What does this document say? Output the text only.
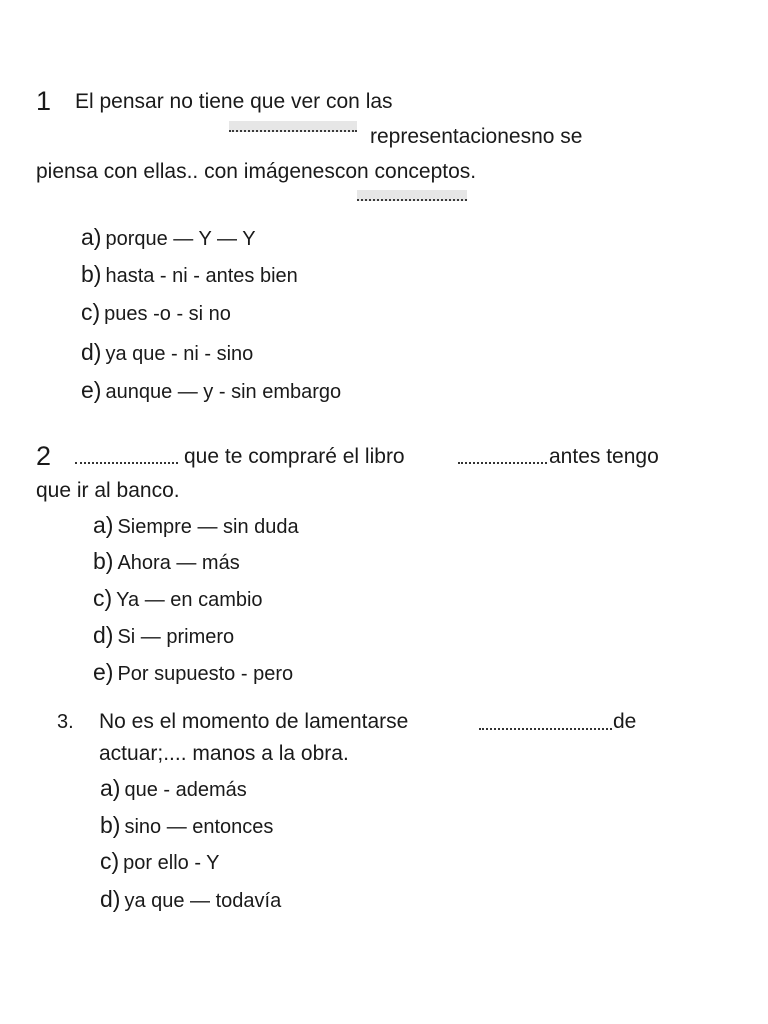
1 El pensar no tiene que ver con las
representacionesno se
piensa con ellas.. con imágenescon conceptos.
a) porque — Y — Y
b) hasta - ni - antes bien
c) pues -o - si no
d) ya que - ni - sino
e) aunque — y - sin embargo
2	que te compraré el libro	antes tengo
que ir al banco.
a) Siempre — sin duda
b) Ahora — más
c) Ya — en cambio
d) Si — primero
e) Por supuesto - pero
3. No es el momento de lamentarse	de
actuar;.... manos a la obra.
a) que - además
b) sino — entonces
c) por ello - Y
d) ya que — todavía
